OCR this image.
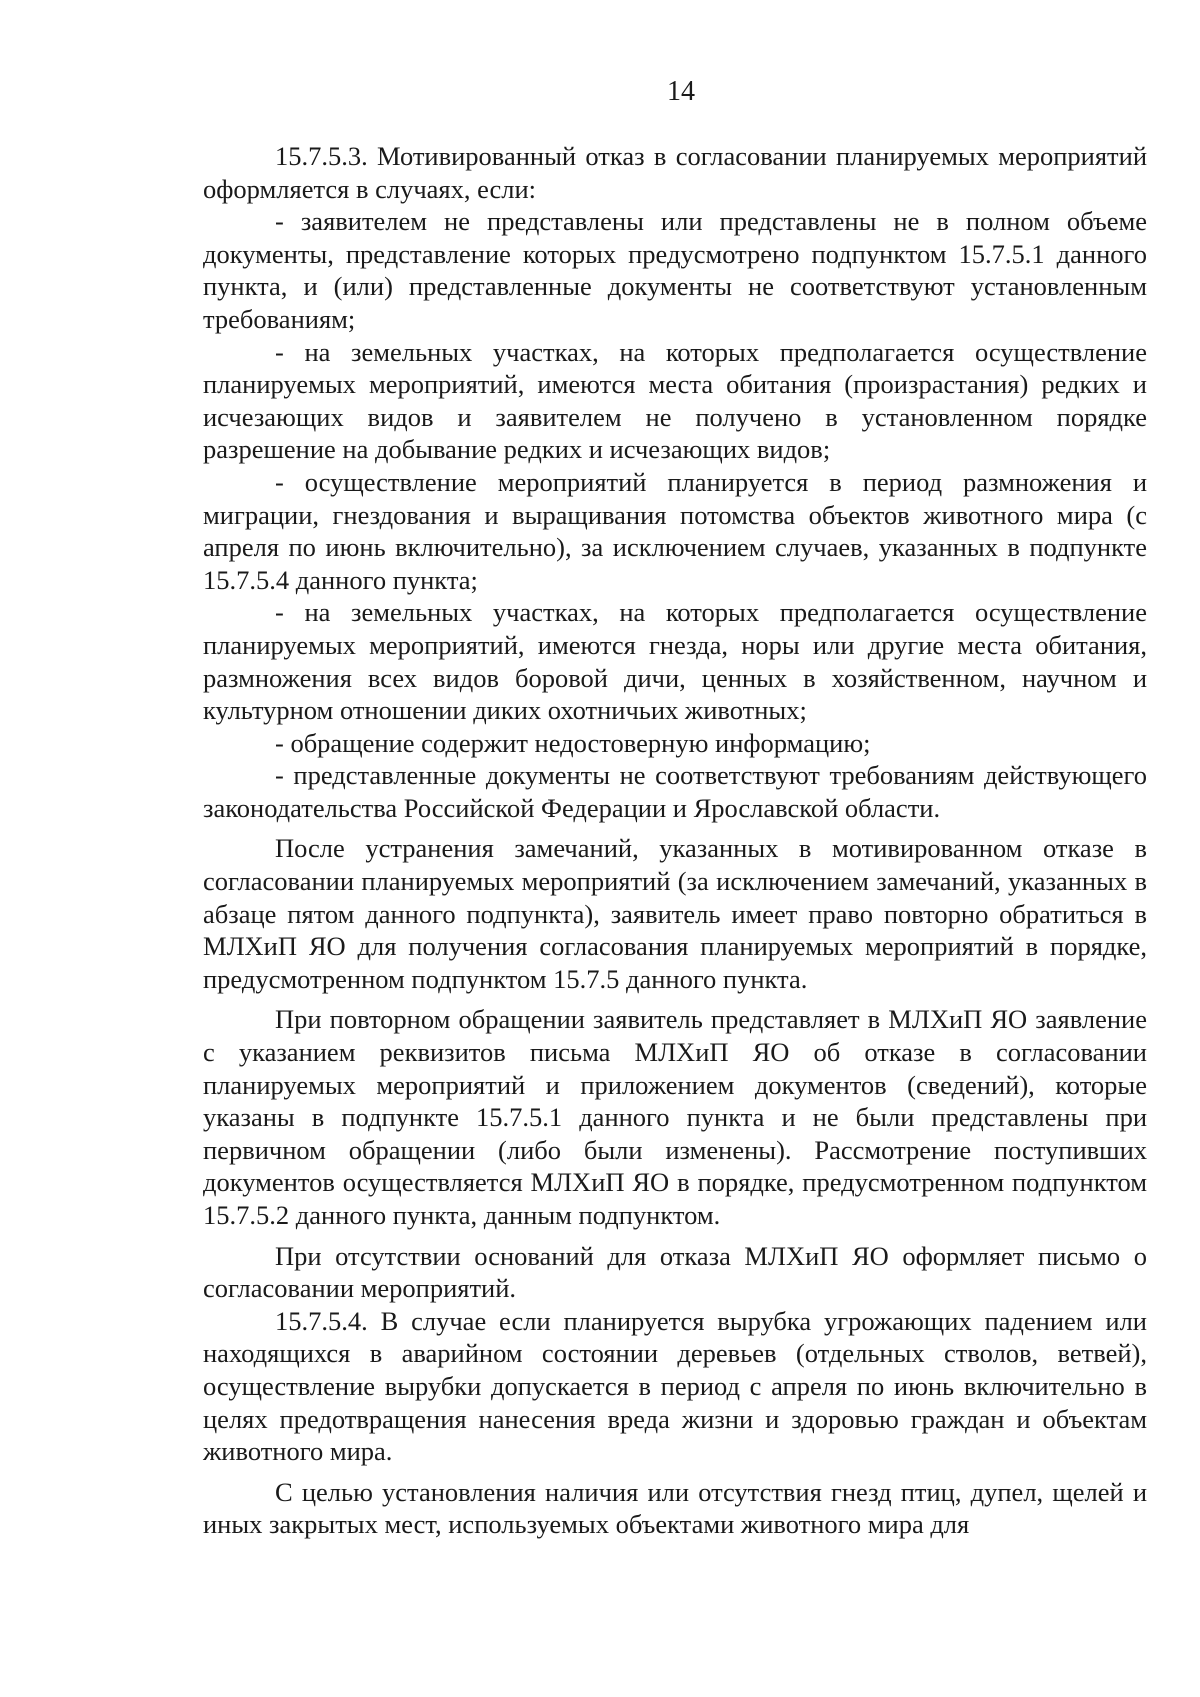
14

15.7.5.3. Мотивированный отказ в согласовании планируемых мероприятий оформляется в случаях, если:

- заявителем не представлены или представлены не в полном объеме документы, представление которых предусмотрено подпунктом 15.7.5.1 данного пункта, и (или) представленные документы не соответствуют установленным требованиям;

- на земельных участках, на которых предполагается осуществление планируемых мероприятий, имеются места обитания (произрастания) редких и исчезающих видов и заявителем не получено в установленном порядке разрешение на добывание редких и исчезающих видов;

- осуществление мероприятий планируется в период размножения и миграции, гнездования и выращивания потомства объектов животного мира (с апреля по июнь включительно), за исключением случаев, указанных в подпункте 15.7.5.4 данного пункта;

- на земельных участках, на которых предполагается осуществление планируемых мероприятий, имеются гнезда, норы или другие места обитания, размножения всех видов боровой дичи, ценных в хозяйственном, научном и культурном отношении диких охотничьих животных;

- обращение содержит недостоверную информацию;

- представленные документы не соответствуют требованиям действующего законодательства Российской Федерации и Ярославской области.

После устранения замечаний, указанных в мотивированном отказе в согласовании планируемых мероприятий (за исключением замечаний, указанных в абзаце пятом данного подпункта), заявитель имеет право повторно обратиться в МЛХиП ЯО для получения согласования планируемых мероприятий в порядке, предусмотренном подпунктом 15.7.5 данного пункта.

При повторном обращении заявитель представляет в МЛХиП ЯО заявление с указанием реквизитов письма МЛХиП ЯО об отказе в согласовании планируемых мероприятий и приложением документов (сведений), которые указаны в подпункте 15.7.5.1 данного пункта и не были представлены при первичном обращении (либо были изменены). Рассмотрение поступивших документов осуществляется МЛХиП ЯО в порядке, предусмотренном подпунктом 15.7.5.2 данного пункта, данным подпунктом.

При отсутствии оснований для отказа МЛХиП ЯО оформляет письмо о согласовании мероприятий.

15.7.5.4. В случае если планируется вырубка угрожающих падением или находящихся в аварийном состоянии деревьев (отдельных стволов, ветвей), осуществление вырубки допускается в период с апреля по июнь включительно в целях предотвращения нанесения вреда жизни и здоровью граждан и объектам животного мира.

С целью установления наличия или отсутствия гнезд птиц, дупел, щелей и иных закрытых мест, используемых объектами животного мира для
